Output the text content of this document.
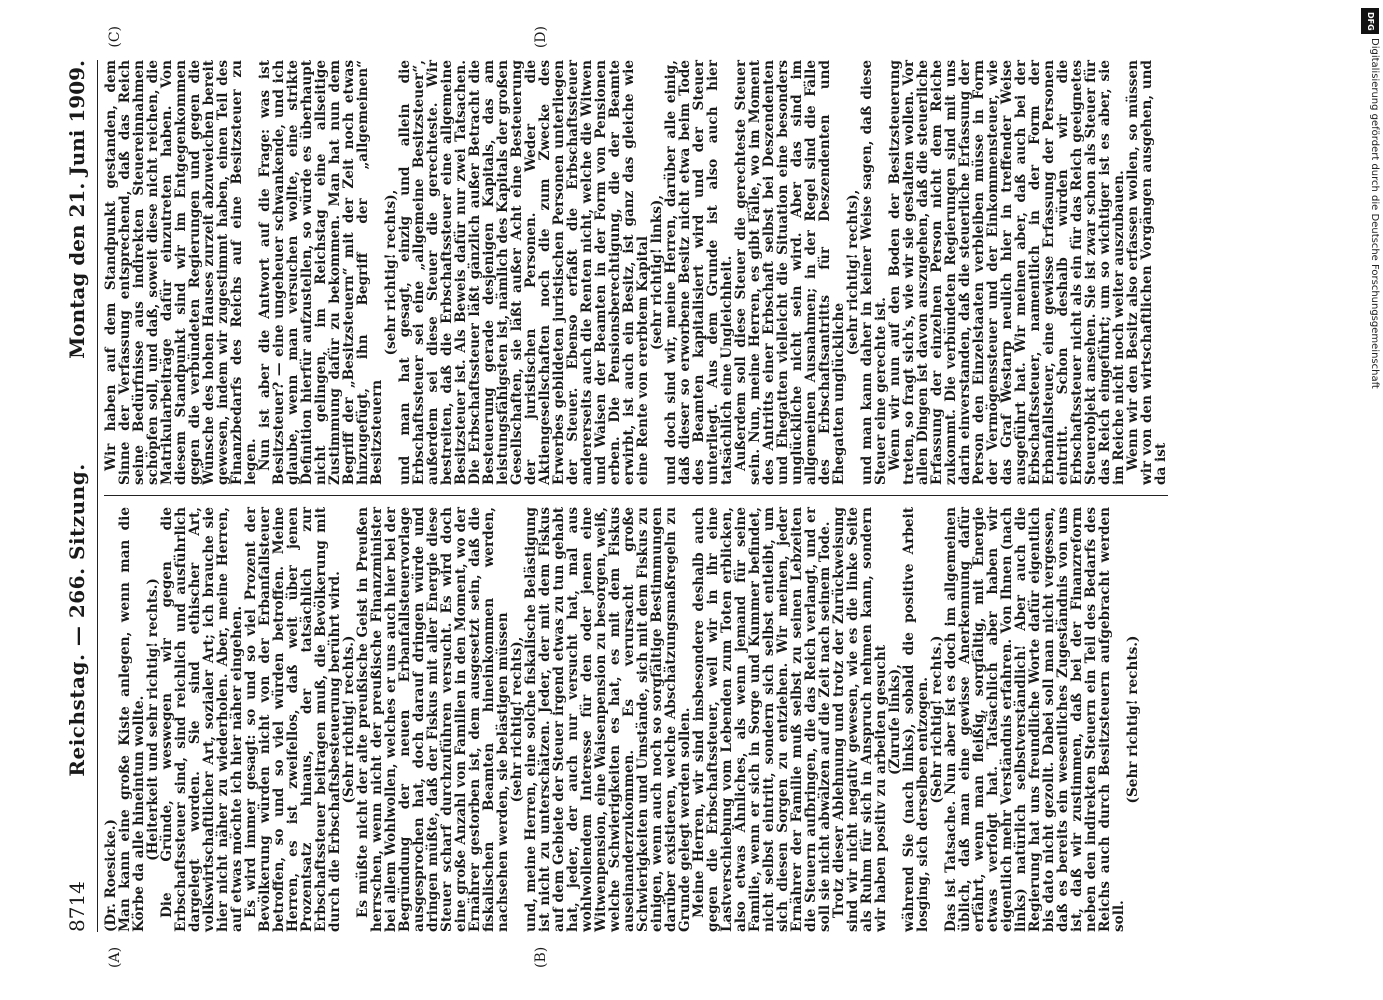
8714
Reichstag. — 266. Sitzung.
Montag den 21. Juni 1909.
(A)	(B)

(Dr. Roesicke.)

Man kann eine große Kiste anlegen, wenn man die Körbe da alle hineintun wollte.

(Heiterkeit und sehr richtig! rechts.)

Die Gründe, weswegen wir gegen die Erbschaftssteuer sind, sind reichlich und ausführlich dargelegt worden. Sie sind ethischer Art, volkswirtschaftlicher Art, sozialer Art; ich brauche sie hier nicht näher zu wiederholen. Aber, meine Herren, auf etwas möchte ich hier näher eingehen.

Es wird immer gesagt: so und so viel Prozent der Bevölkerung würden nicht von der Erbanfallsteuer betroffen, so und so viel würden betroffen. Meine Herren, es ist zweifellos, daß weit über jenen Prozentsatz hinaus, der tatsächlich zur Erbschaftssteuer beitragen muß, die Bevölkerung mit durch die Erbschaftsbesteuerung berührt wird.

(Sehr richtig! rechts.)

Es müßte nicht der alte preußische Geist in Preußen herrschen, wenn nicht der preußische Finanzminister bei allem Wohlwollen, welches er uns auch hier bei der Begründung der neuen Erbanfallsteuervorlage ausgesprochen hat, doch darauf dringen würde und dringen müßte, daß der Fiskus mit aller Energie diese Steuer scharf durchzuführen versucht. Es wird doch eine große Anzahl von Familien in den Moment, wo der Ernährer gestorben ist, dem ausgesetzt sein, daß die fiskalischen Beamten hineinkommen werden, nachsehen werden, sie belästigen müssen

(sehr richtig! rechts),

und, meine Herren, eine solche fiskalische Belästigung ist nicht zu unterschätzen. Jeder, der mit dem Fiskus auf dem Gebiete der Steuer irgend etwas zu tun gehabt hat, jeder, der auch nur versucht hat, mal aus wohlwollendem Interesse für den oder jenen eine Witwenpension, eine Waisenpension zu besorgen, weiß, welche Schwierigkeiten es hat, es mit dem Fiskus auseinanderzukommen. Es verursacht große Schwierigkeiten und Umstände, sich mit dem Fiskus zu einigen, wenn auch noch so sorgfältige Bestimmungen darüber existieren, welche Abschätzungsmaßregeln zu Grunde gelegt werden sollen.

Meine Herren, wir sind insbesondere deshalb auch gegen die Erbschaftssteuer, weil wir in ihr eine Lastverschiebung vom Lebenden zum Toten erblicken, also etwas Ähnliches, als wenn jemand für seine Familie, wenn er sich in Sorge und Kummer befindet, nicht selbst eintritt, sondern sich selbst entleibt, um sich diesen Sorgen zu entziehen. Wir meinen, jeder Ernährer der Familie muß selbst zu seinen Lebzeiten die Steuern aufbringen, die das Reich verlangt, und er soll sie nicht abwälzen auf die Zeit nach seinem Tode.

Trotz dieser Ablehnung und trotz der Zurückweisung sind wir nicht negativ gewesen, wie es die linke Seite als Ruhm für sich in Anspruch nehmen kann, sondern wir haben positiv zu arbeiten gesucht

(Zurufe links),

während Sie (nach links), sobald die positive Arbeit losging, sich derselben entzogen.

(Sehr richtig! rechts.)

Das ist Tatsache. Nun aber ist es doch im allgemeinen üblich, daß man eine gewisse Anerkennung dafür erfährt, wenn man fleißig, sorgfältig, mit Energie etwas verfolgt hat. Tatsächlich aber haben wir eigentlich mehr Verständnis erfahren. Von Ihnen (nach links) natürlich selbstverständlich! Aber auch die Regierung hat uns freundliche Worte dafür eigentlich bis dato nicht gezollt. Dabei soll man nicht vergessen, daß es bereits ein wesentliches Zugeständnis von uns ist, daß wir zustimmen, daß bei der Finanzreform neben den indirekten Steuern ein Teil des Bedarfs des Reichs auch durch Besitzsteuern aufgebracht werden soll.

(Sehr richtig! rechts.)

(C)	(D)

Wir haben auf dem Standpunkt gestanden, dem Sinne der Verfassung entsprechend, daß das Reich seine Bedürfnisse aus indirekten Steuereinnahmen schöpfen soll, und daß, soweit diese nicht reichen, die Matrikularbeiträge dafür einzutreten haben. Von diesem Standpunkt sind wir im Entgegenkommen gegen die verbündeten Regierungen und gegen die Wünsche des hohen Hauses zurzeit abzuweichen bereit gewesen, indem wir zugestimmt haben, einen Teil des Finanzbedarfs des Reichs auf eine Besitzsteuer zu legen.

Nun ist aber die Antwort auf die Frage: was ist Besitzsteuer? — eine ungeheuer schwankende, und ich glaube, wenn man versuchen wollte, eine strikte Definition hierfür aufzustellen, so würde es überhaupt nicht gelingen, im Reichstag eine allseitige Zustimmung dafür zu bekommen. Man hat nun dem Begriff der „Besitzsteuern“ mit der Zeit noch etwas hinzugefügt, ihn Begriff der „allgemeinen“ Besitzsteuern

(sehr richtig! rechts),

und man hat gesagt, einzig und allein die Erbschaftssteuer sei eine „allgemeine Besitzsteuer“, außerdem sei diese Steuer die gerechteste. Wir bestreiten, daß die Erbschaftssteuer eine allgemeine Besitzsteuer ist. Als Beweis dafür nur zwei Tatsachen. Die Erbschaftssteuer läßt gänzlich außer Betracht die Besteuerung gerade desjenigen Kapitals, das am leistungsfähigsten ist, nämlich des Kapitals der großen Gesellschaften, sie läßt außer Acht eine Besteuerung der juristischen Personen. Weder die Aktiengesellschaften noch die zum Zwecke des Erwerbes gebildeten juristischen Personen unterliegen der Steuer. Ebenso erfaßt die Erbschaftssteuer andererseits auch die Renten nicht, welche die Witwen und Waisen der Beamten in der Form von Pensionen erben. Die Pensionsberechtigung, die der Beamte erwirbt, ist auch ein Besitz, ist ganz das gleiche wie eine Rente von ererbtem Kapital

(sehr richtig! links),

und doch sind wir, meine Herren, darüber alle einig, daß dieser so erworbene Besitz nicht etwa beim Tode des Beamten kapitalisiert wird und der Steuer unterliegt. Aus dem Grunde ist also auch hier tatsächlich eine Ungleichheit.

Außerdem soll diese Steuer die gerechteste Steuer sein. Nun, meine Herren, es gibt Fälle, wo im Moment des Antritts einer Erbschaft selbst bei Deszendenten und Ehegatten vielleicht die Situation eine besonders unglückliche nicht sein wird. Aber das sind im allgemeinen Ausnahmen; in der Regel sind die Fälle des Erbschaftsantritts für Deszendenten und Ehegatten unglückliche

(sehr richtig! rechts),

und man kann daher in keiner Weise sagen, daß diese Steuer eine gerechte ist.

Wenn wir nun auf den Boden der Besitzsteuerung treten, so fragt sich's, wie wir sie gestalten wollen. Vor allen Dingen ist davon auszugehen, daß die steuerliche Erfassung der einzelnen Person nicht dem Reiche zukommt. Die verbündeten Regierungen sind mit uns darin einverstanden, daß die steuerliche Erfassung der Person den Einzelstaaten verbleiben müsse in Form der Vermögenssteuer und der Einkommensteuer, wie das Graf Westarp neulich hier in treffender Weise ausgeführt hat. Wir meinen aber, daß auch bei der Erbschaftssteuer, namentlich in der Form der Erbanfallsteuer, eine gewisse Erfassung der Personen eintritt. Schon deshalb würden wir die Erbschaftssteuer nicht als ein für das Reich geeignetes Steuerobjekt ansehen. Sie ist zwar schon als Steuer für das Reich eingeführt; um so wichtiger ist es aber, sie im Reiche nicht noch weiter auszubauen.

Wenn wir den Besitz also erfassen wollen, so müssen wir von den wirtschaftlichen Vorgängen ausgehen, und da ist

DFG
Digitalisierung gefördert durch die Deutsche Forschungsgemeinschaft
